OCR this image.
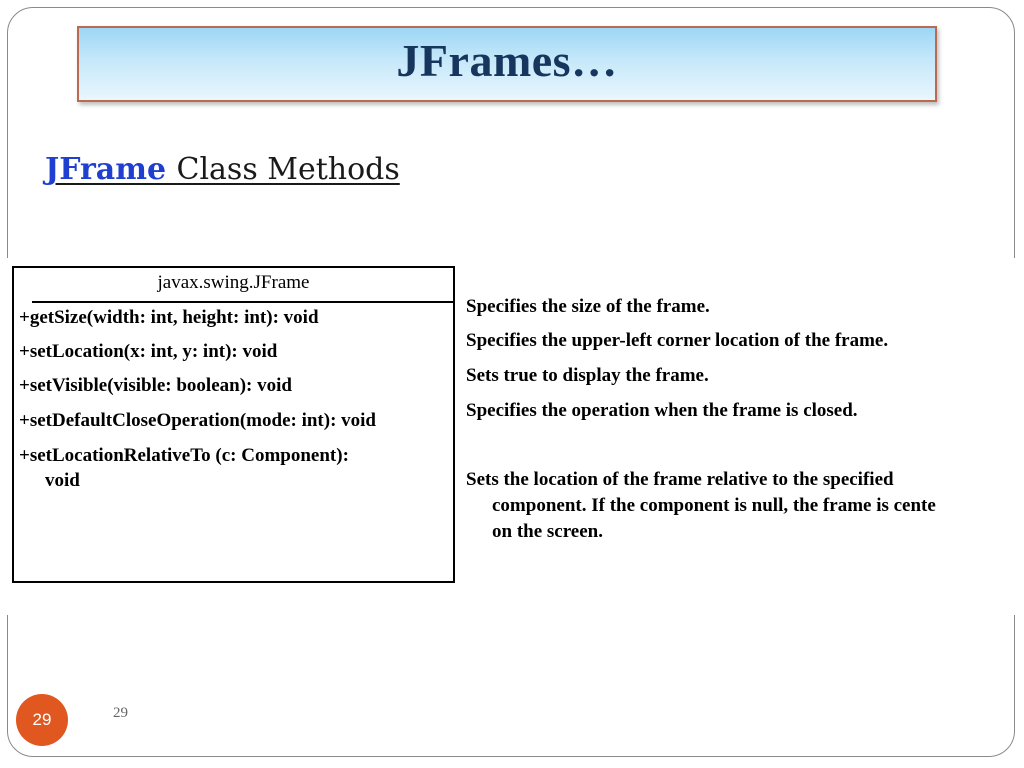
JFrames…
JFrame Class Methods
javax.swing.JFrame
+getSize(width: int, height: int): void
+setLocation(x: int, y: int): void
+setVisible(visible: boolean): void
+setDefaultCloseOperation(mode: int): void
+setLocationRelativeTo (c: Component):
void
Specifies the size of the frame.
Specifies the upper-left corner location of the frame.
Sets true to display the frame.
Specifies the operation when the frame is closed.
Sets the location of the frame relative to the specified
component. If the component is null, the frame is cente
on the screen.
29	29
